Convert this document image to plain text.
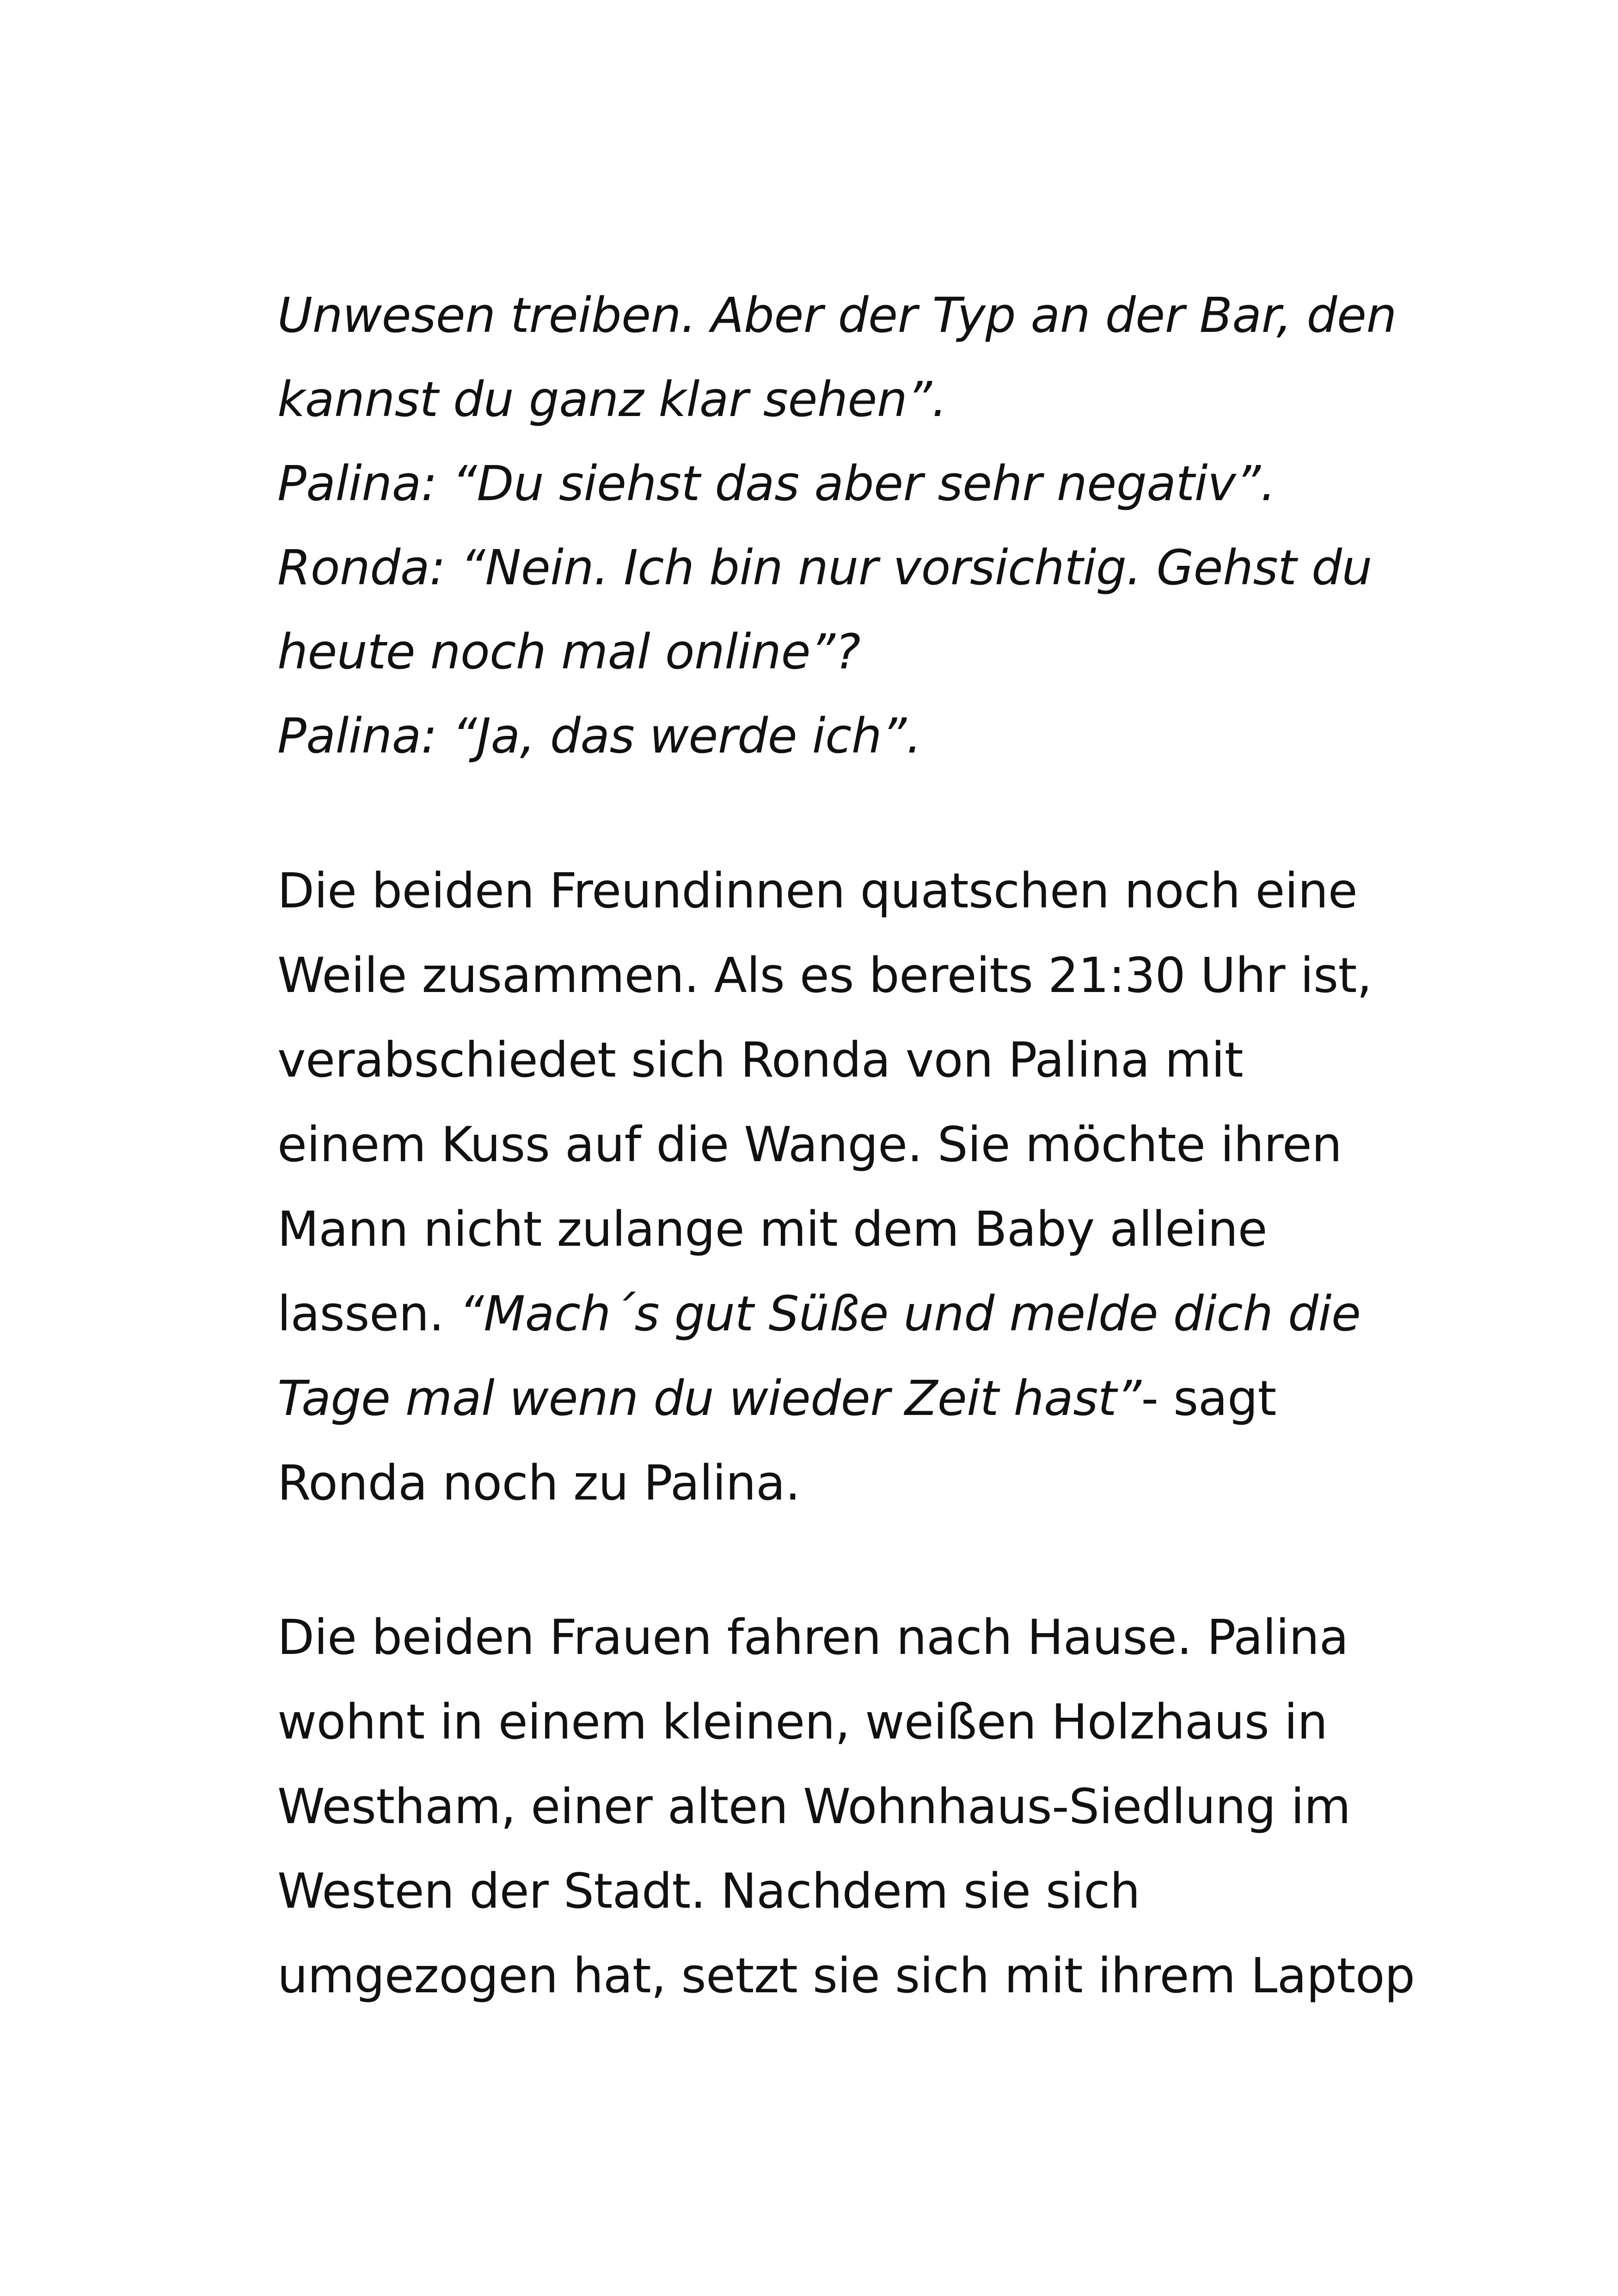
Unwesen treiben. Aber der Typ an der Bar, den
kannst du ganz klar sehen”.
Palina: “Du siehst das aber sehr negativ”.
Ronda: “Nein. Ich bin nur vorsichtig. Gehst du
heute noch mal online”?
Palina: “Ja, das werde ich”.
Die beiden Freundinnen quatschen noch eine
Weile zusammen. Als es bereits 21:30 Uhr ist,
verabschiedet sich Ronda von Palina mit
einem Kuss auf die Wange. Sie möchte ihren
Mann nicht zulange mit dem Baby alleine
lassen. “Mach´s gut Süße und melde dich die
Tage mal wenn du wieder Zeit hast”- sagt
Ronda noch zu Palina.
Die beiden Frauen fahren nach Hause. Palina
wohnt in einem kleinen, weißen Holzhaus in
Westham, einer alten Wohnhaus-Siedlung im
Westen der Stadt. Nachdem sie sich
umgezogen hat, setzt sie sich mit ihrem Laptop
